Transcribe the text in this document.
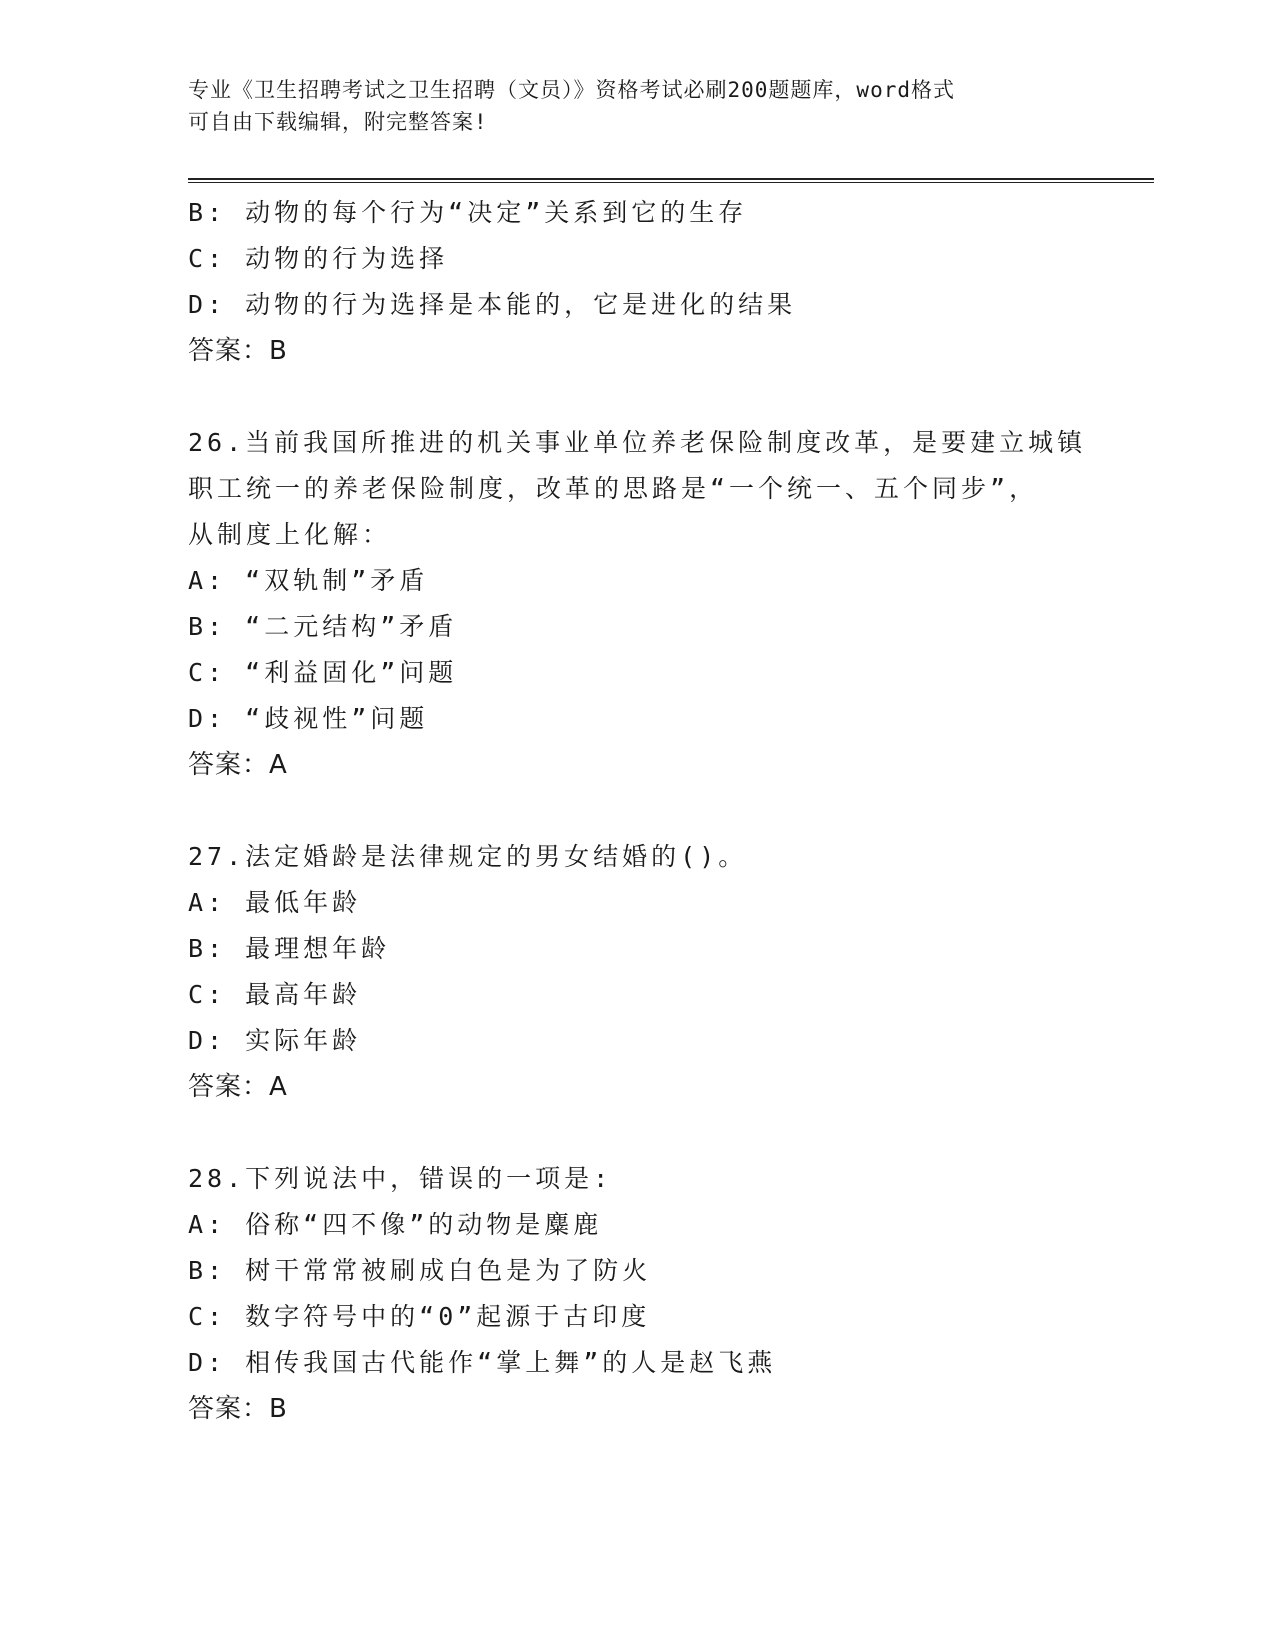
专业《卫生招聘考试之卫生招聘（文员）》资格考试必刷200题题库，word格式
可自由下载编辑，附完整答案!
B: 动物的每个行为“决定”关系到它的生存
C: 动物的行为选择
D: 动物的行为选择是本能的，它是进化的结果
答案：B
26.当前我国所推进的机关事业单位养老保险制度改革，是要建立城镇
职工统一的养老保险制度，改革的思路是“一个统一、五个同步”，
从制度上化解：
A: “双轨制”矛盾
B: “二元结构”矛盾
C: “利益固化”问题
D: “歧视性”问题
答案：A
27.法定婚龄是法律规定的男女结婚的()。
A: 最低年龄
B: 最理想年龄
C: 最高年龄
D: 实际年龄
答案：A
28.下列说法中，错误的一项是:
A: 俗称“四不像”的动物是麋鹿
B: 树干常常被刷成白色是为了防火
C: 数字符号中的“0”起源于古印度
D: 相传我国古代能作“掌上舞”的人是赵飞燕
答案：B
